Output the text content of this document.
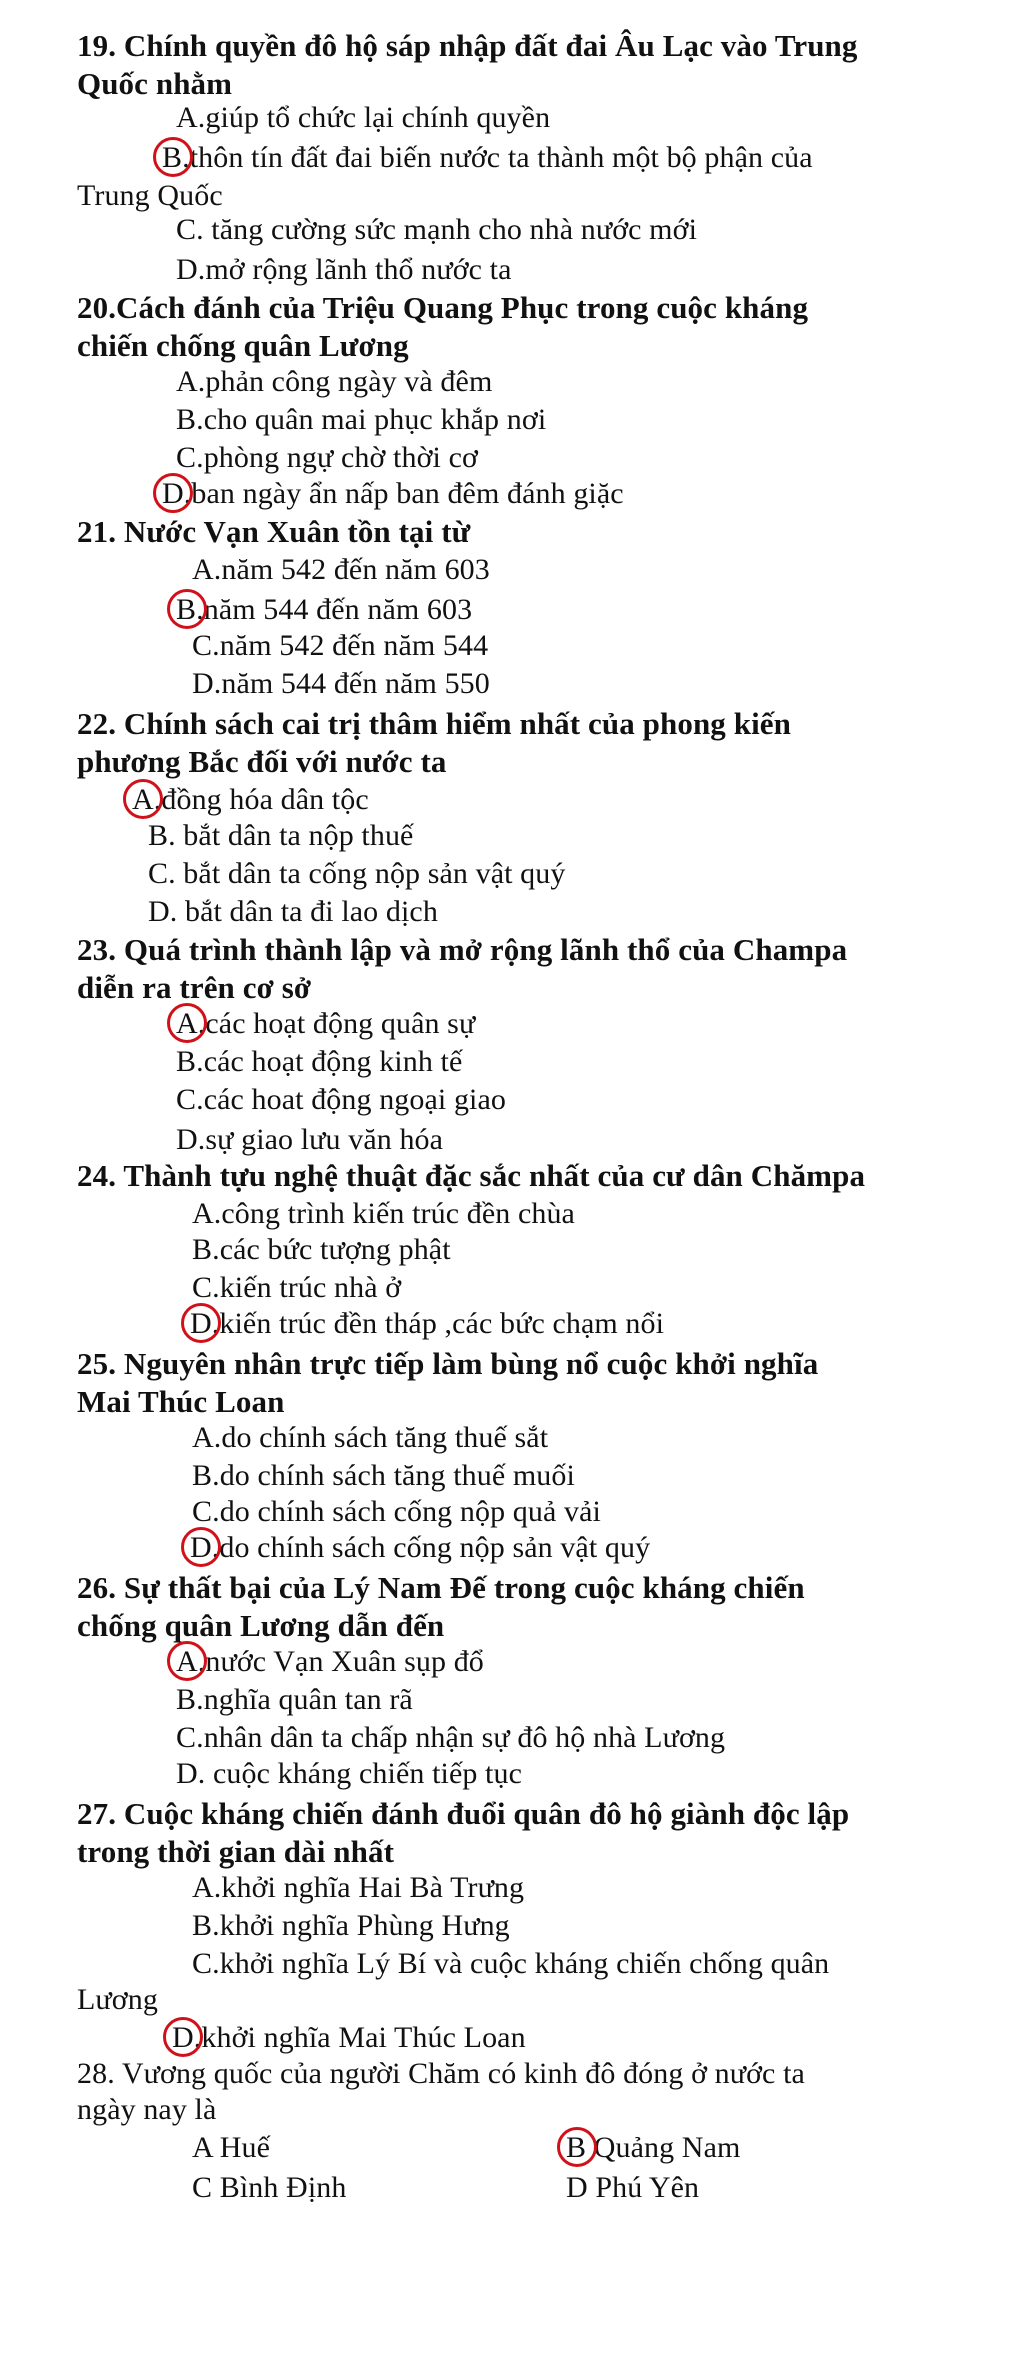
19. Chính quyền đô hộ sáp nhập đất đai Âu Lạc vào Trung
Quốc nhằm
A.giúp tổ chức lại chính quyền
B.thôn tín đất đai biến nước ta thành một bộ phận của
Trung Quốc
C. tăng cường sức mạnh cho nhà nước mới
D.mở rộng lãnh thổ nước ta
20.Cách đánh của Triệu Quang Phục trong cuộc kháng
chiến chống quân Lương
A.phản công ngày và đêm
B.cho quân mai phục khắp nơi
C.phòng ngự chờ thời cơ
D.ban ngày ẩn nấp ban đêm đánh giặc
21. Nước Vạn Xuân tồn tại từ
A.năm 542 đến năm 603
B.năm 544 đến năm 603
C.năm 542 đến năm 544
D.năm 544 đến năm 550
22. Chính sách cai trị thâm hiểm nhất của phong kiến
phương Bắc đối với nước ta
A.đồng hóa dân tộc
B. bắt dân ta nộp thuế
C. bắt dân ta cống nộp sản vật quý
D. bắt dân ta đi lao dịch
23. Quá trình thành lập và mở rộng lãnh thổ của Champa
diễn ra trên cơ sở
A.các hoạt động quân sự
B.các hoạt động kinh tế
C.các hoat động ngoại giao
D.sự giao lưu văn hóa
24. Thành tựu nghệ thuật đặc sắc nhất của cư dân Chămpa
A.công trình kiến trúc đền chùa
B.các bức tượng phật
C.kiến trúc nhà ở
D.kiến trúc đền tháp ,các bức chạm nổi
25. Nguyên nhân trực tiếp làm bùng nổ cuộc khởi nghĩa
Mai Thúc Loan
A.do chính sách tăng thuế sắt
B.do chính sách tăng thuế muối
C.do chính sách cống nộp quả vải
D.do chính sách cống nộp sản vật quý
26. Sự thất bại của Lý Nam Đế trong cuộc kháng chiến
chống quân Lương dẫn đến
A.nước Vạn Xuân sụp đổ
B.nghĩa quân tan rã
C.nhân dân ta chấp nhận sự đô hộ nhà Lương
D. cuộc kháng chiến tiếp tục
27. Cuộc kháng chiến đánh đuổi quân đô hộ giành độc lập
trong thời gian dài nhất
A.khởi nghĩa Hai Bà Trưng
B.khởi nghĩa Phùng Hưng
C.khởi nghĩa Lý Bí và cuộc kháng chiến chống quân
Lương
D.khởi nghĩa Mai Thúc Loan
28. Vương quốc của người Chăm có kinh đô đóng ở nước ta
ngày nay là
A Huế	B Quảng Nam
C Bình Định	D Phú Yên
